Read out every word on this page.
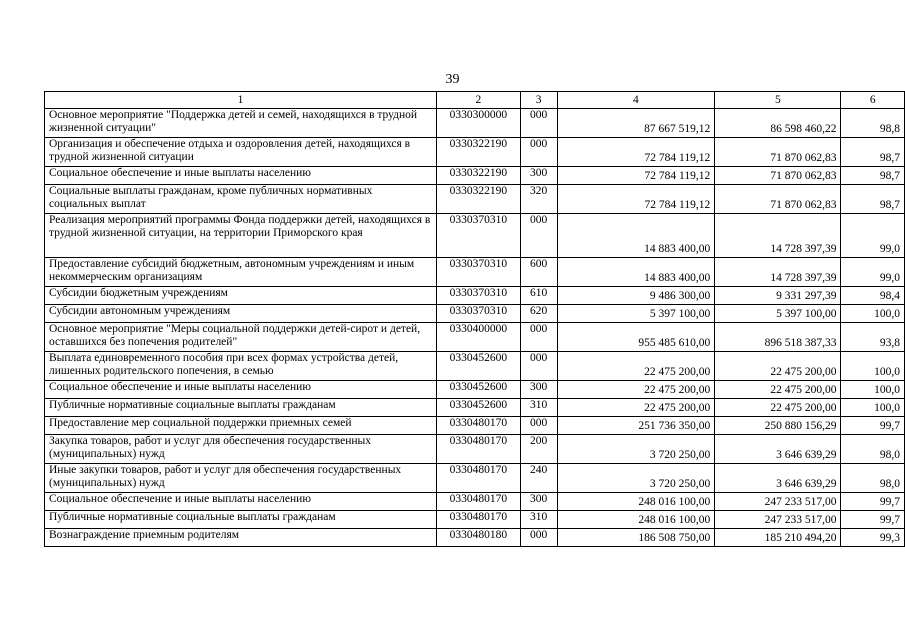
39
1	2	3	4	5	6
Основное мероприятие "Поддержка детей и семей, находящихся в трудной жизненной ситуации"	0330300000	000	87 667 519,12	86 598 460,22	98,8
Организация и обеспечение отдыха и оздоровления детей, находящихся в трудной жизненной ситуации	0330322190	000	72 784 119,12	71 870 062,83	98,7
Социальное обеспечение и иные выплаты населению	0330322190	300	72 784 119,12	71 870 062,83	98,7
Социальные выплаты гражданам, кроме публичных нормативных социальных выплат	0330322190	320	72 784 119,12	71 870 062,83	98,7
Реализация мероприятий программы Фонда поддержки детей, находящихся в трудной жизненной ситуации, на территории Приморского края	0330370310	000	14 883 400,00	14 728 397,39	99,0
Предоставление субсидий бюджетным, автономным учреждениям и иным некоммерческим организациям	0330370310	600	14 883 400,00	14 728 397,39	99,0
Субсидии бюджетным учреждениям	0330370310	610	9 486 300,00	9 331 297,39	98,4
Субсидии автономным учреждениям	0330370310	620	5 397 100,00	5 397 100,00	100,0
Основное мероприятие "Меры социальной поддержки детей-сирот и детей, оставшихся без попечения родителей"	0330400000	000	955 485 610,00	896 518 387,33	93,8
Выплата единовременного пособия при всех формах устройства детей, лишенных родительского попечения, в семью	0330452600	000	22 475 200,00	22 475 200,00	100,0
Социальное обеспечение и иные выплаты населению	0330452600	300	22 475 200,00	22 475 200,00	100,0
Публичные нормативные социальные выплаты гражданам	0330452600	310	22 475 200,00	22 475 200,00	100,0
Предоставление мер социальной поддержки приемных семей	0330480170	000	251 736 350,00	250 880 156,29	99,7
Закупка товаров, работ и услуг для обеспечения государственных (муниципальных) нужд	0330480170	200	3 720 250,00	3 646 639,29	98,0
Иные закупки товаров, работ и услуг для обеспечения государственных (муниципальных) нужд	0330480170	240	3 720 250,00	3 646 639,29	98,0
Социальное обеспечение и иные выплаты населению	0330480170	300	248 016 100,00	247 233 517,00	99,7
Публичные нормативные социальные выплаты гражданам	0330480170	310	248 016 100,00	247 233 517,00	99,7
Вознаграждение приемным родителям	0330480180	000	186 508 750,00	185 210 494,20	99,3
